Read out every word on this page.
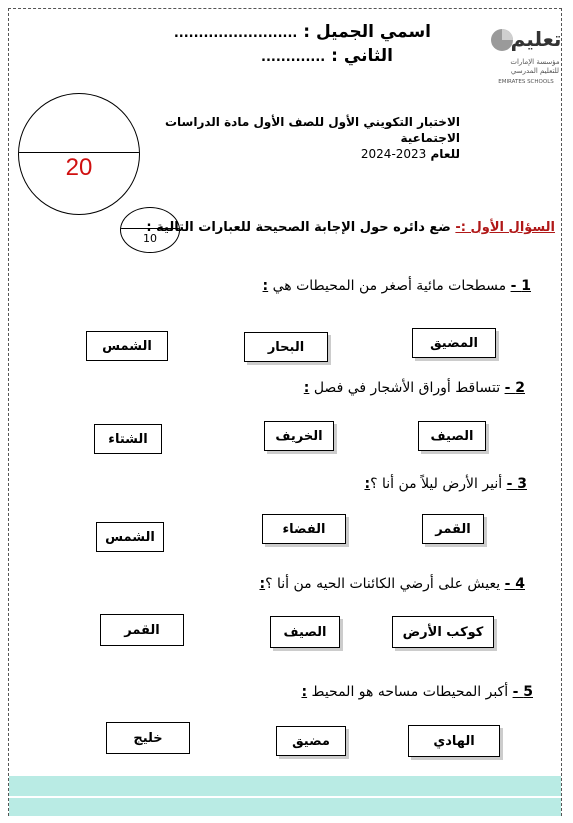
اسمي الجميل : .........................
الثاني : .............
تعليم
مؤسسة الإمارات
للتعليم المدرسي
EMIRATES SCHOOLS
الاختبار التكويني الأول للصف الأول مادة الدراسات الاجتماعية
للعام 2023-2024
20
10
السؤال الأول :- ضع دائره حول الإجابة الصحيحة للعبارات التالية :
1 - مسطحات مائية أصغر من المحيطات هي :
المضيق
البحار
الشمس
2 - تتساقط أوراق الأشجار في فصل :
الصيف
الخريف
الشتاء
3 - أنير الأرض ليلاً من أنا ؟:
القمر
الفضاء
الشمس
4 - يعيش على أرضي الكائنات الحيه من أنا ؟:
كوكب الأرض
الصيف
القمر
5 - أكبر المحيطات مساحه هو المحيط :
الهادي
مضيق
خليج
